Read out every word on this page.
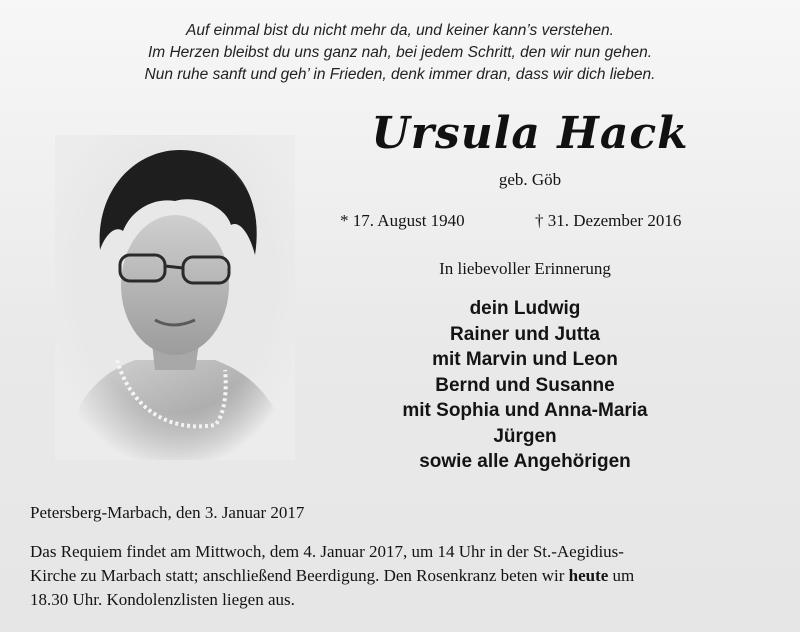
Auf einmal bist du nicht mehr da, und keiner kann’s verstehen.
Im Herzen bleibst du uns ganz nah, bei jedem Schritt, den wir nun gehen.
Nun ruhe sanft und geh’ in Frieden, denk immer dran, dass wir dich lieben.
Ursula Hack
geb. Göb
* 17. August 1940	† 31. Dezember 2016
In liebevoller Erinnerung
dein Ludwig
Rainer und Jutta
mit Marvin und Leon
Bernd und Susanne
mit Sophia und Anna-Maria
Jürgen
sowie alle Angehörigen
Petersberg-Marbach, den 3. Januar 2017
Das Requiem findet am Mittwoch, dem 4. Januar 2017, um 14 Uhr in der St.-Aegidius-
Kirche zu Marbach statt; anschließend Beerdigung. Den Rosenkranz beten wir heute um
18.30 Uhr. Kondolenzlisten liegen aus.
